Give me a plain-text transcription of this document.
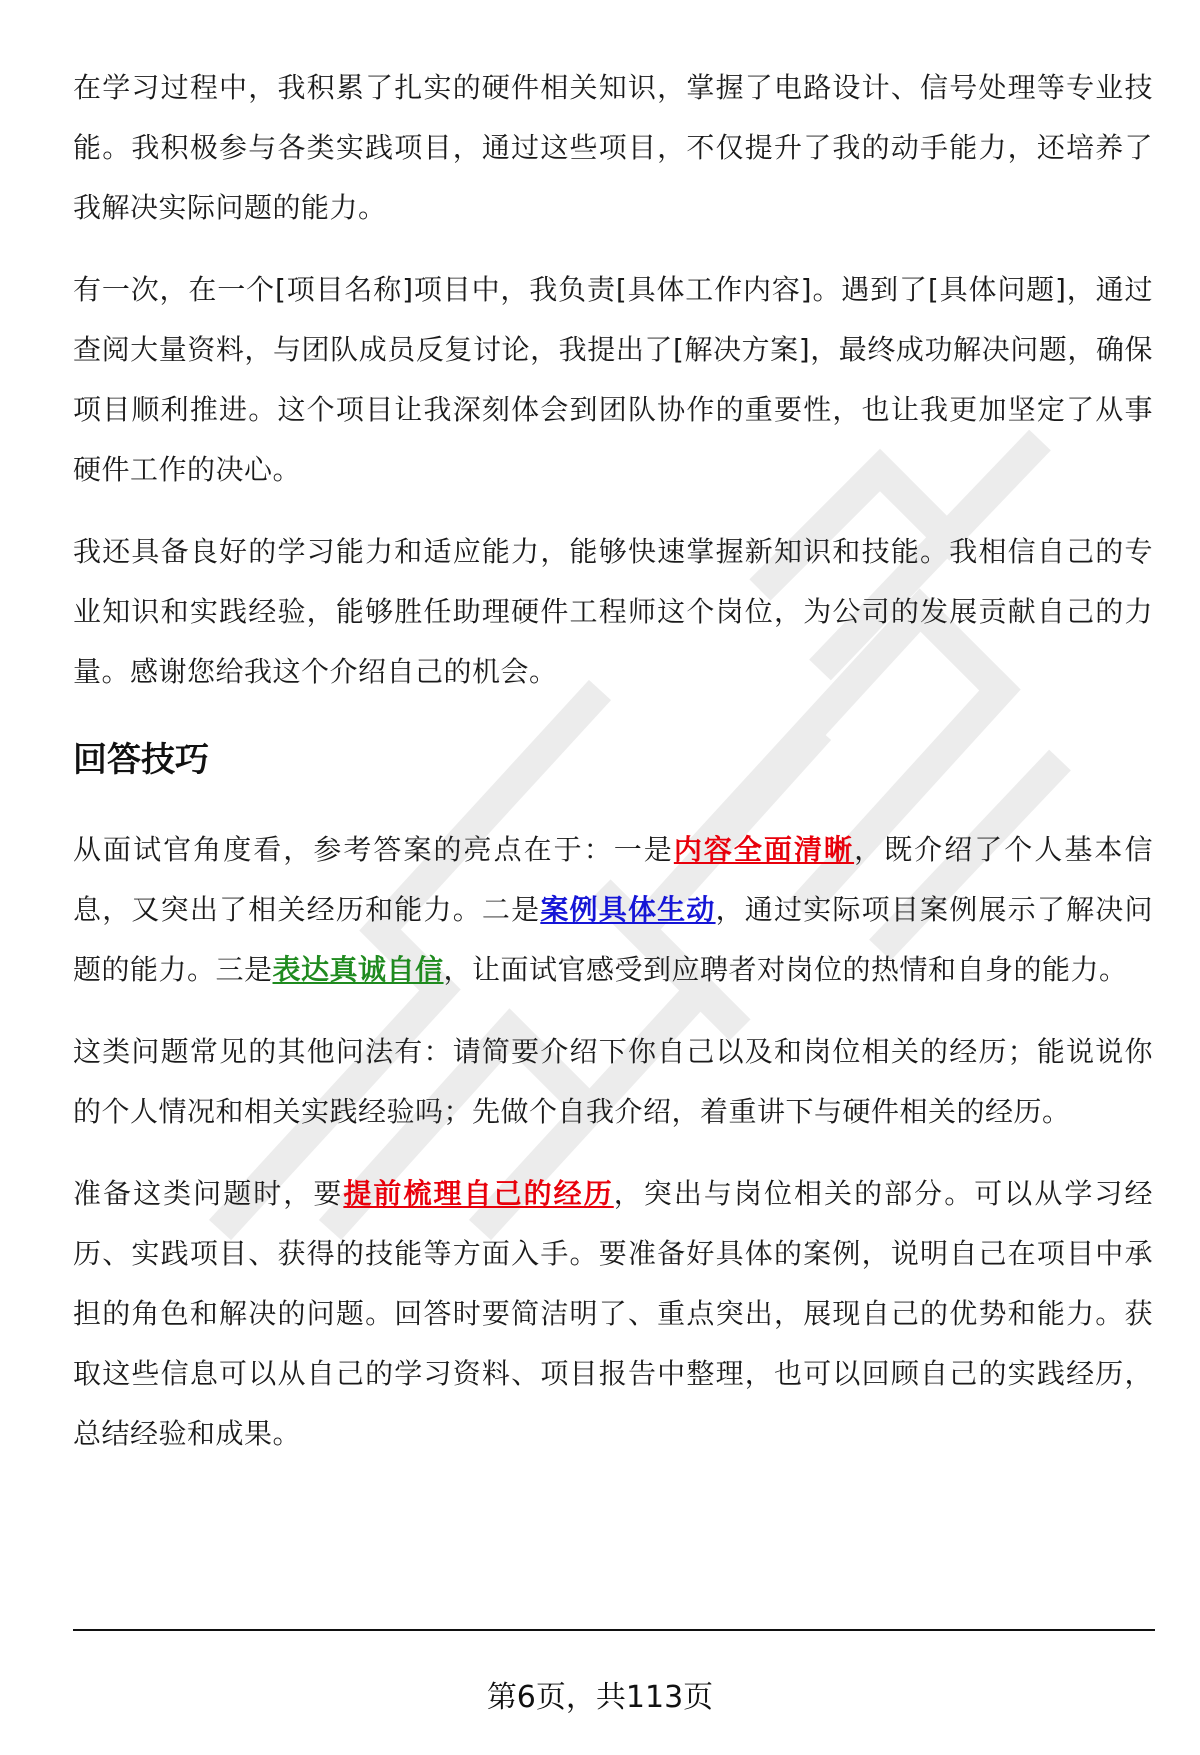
在学习过程中，我积累了扎实的硬件相关知识，掌握了电路设计、信号处理等专业技能。我积极参与各类实践项目，通过这些项目，不仅提升了我的动手能力，还培养了我解决实际问题的能力。

有一次，在一个[项目名称]项目中，我负责[具体工作内容]。遇到了[具体问题]，通过查阅大量资料，与团队成员反复讨论，我提出了[解决方案]，最终成功解决问题，确保项目顺利推进。这个项目让我深刻体会到团队协作的重要性，也让我更加坚定了从事硬件工作的决心。

我还具备良好的学习能力和适应能力，能够快速掌握新知识和技能。我相信自己的专业知识和实践经验，能够胜任助理硬件工程师这个岗位，为公司的发展贡献自己的力量。感谢您给我这个介绍自己的机会。

回答技巧

从面试官角度看，参考答案的亮点在于：一是内容全面清晰，既介绍了个人基本信息，又突出了相关经历和能力。二是案例具体生动，通过实际项目案例展示了解决问题的能力。三是表达真诚自信，让面试官感受到应聘者对岗位的热情和自身的能力。

这类问题常见的其他问法有：请简要介绍下你自己以及和岗位相关的经历；能说说你的个人情况和相关实践经验吗；先做个自我介绍，着重讲下与硬件相关的经历。

准备这类问题时，要提前梳理自己的经历，突出与岗位相关的部分。可以从学习经历、实践项目、获得的技能等方面入手。要准备好具体的案例，说明自己在项目中承担的角色和解决的问题。回答时要简洁明了、重点突出，展现自己的优势和能力。获取这些信息可以从自己的学习资料、项目报告中整理，也可以回顾自己的实践经历，总结经验和成果。

第6页，共113页
